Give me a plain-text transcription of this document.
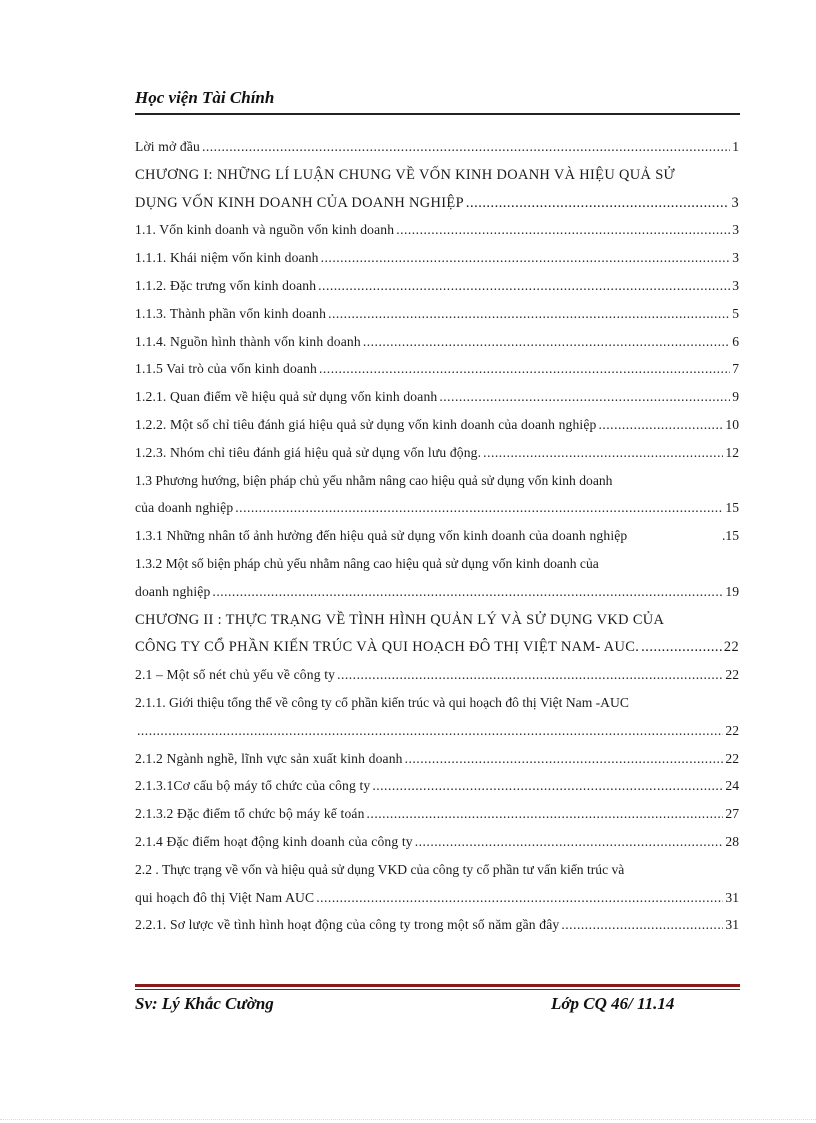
Học viện Tài Chính
Lời mở đầu .....	1
CHƯƠNG I: NHỮNG LÍ LUẬN CHUNG VỀ VỐN KINH DOANH VÀ HIỆU QUẢ SỬ
DỤNG VỐN KINH DOANH CỦA DOANH NGHIỆP .....	3
1.1. Vốn kinh doanh và nguồn vốn kinh doanh .....	3
1.1.1. Khái niệm vốn kinh doanh .....	3
1.1.2. Đặc trưng vốn kinh doanh .....	3
1.1.3. Thành phần vốn kinh doanh .....	5
1.1.4. Nguồn hình thành vốn kinh doanh .....	6
1.1.5 Vai trò của vốn kinh doanh .....	7
1.2.1. Quan điểm về hiệu quả sử dụng vốn kinh doanh .....	9
1.2.2. Một số chỉ tiêu đánh giá hiệu quả sử dụng vốn kinh doanh của doanh nghiệp .....	10
1.2.3. Nhóm chỉ tiêu đánh giá hiệu quả sử dụng vốn lưu động. .....	12
1.3 Phương hướng, biện pháp chủ yếu nhằm nâng cao hiệu quả sử dụng vốn kinh doanh
của doanh nghiệp .....	15
1.3.1 Những nhân tố ảnh hưởng đến hiệu quả sử dụng vốn kinh doanh của doanh nghiệp	.15
1.3.2 Một số biện pháp chủ yếu nhằm nâng cao hiệu quả sử dụng vốn kinh doanh của
doanh nghiệp .....	19
CHƯƠNG II : THỰC TRẠNG VỀ TÌNH HÌNH QUẢN LÝ VÀ SỬ DỤNG VKD CỦA
CÔNG TY CỔ PHẦN KIẾN TRÚC VÀ QUI HOẠCH ĐÔ THỊ VIỆT NAM- AUC. .....	22
2.1 – Một số nét chủ yếu về công ty .....	22
2.1.1. Giới thiệu tổng thể về công ty cổ phần kiến trúc và qui hoạch đô thị Việt Nam -AUC
.....
22
2.1.2 Ngành nghề, lĩnh vực sản xuất kinh doanh .....	22
2.1.3.1Cơ cấu bộ máy tổ chức của công ty .....	24
2.1.3.2 Đặc điểm tổ chức bộ máy kế toán .....	27
2.1.4 Đặc điểm hoạt động kinh doanh của công ty .....	28
2.2 . Thực trạng về vốn và hiệu quả sử dụng VKD của công ty cổ phần tư vấn kiến trúc và
qui hoạch đô thị Việt Nam AUC .....	31
2.2.1. Sơ lược về tình hình hoạt động của công ty trong một số năm gần đây .....	31
Sv: Lý Khắc Cường	Lớp CQ 46/ 11.14
